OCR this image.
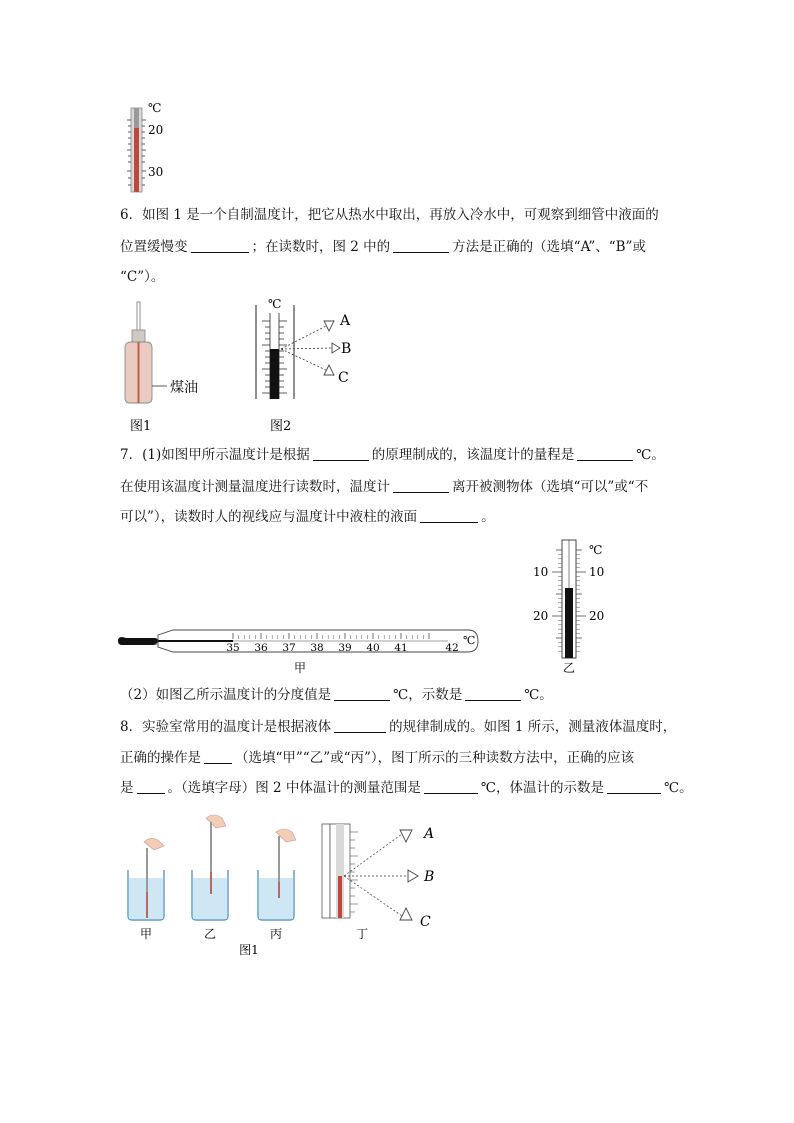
℃
20
30
6．如图 1 是一个自制温度计，把它从热水中取出，再放入冷水中，可观察到细管中液面的
位置缓慢变	；在读数时，图 2 中的	方法是正确的（选填“A”、“B”或
“C”）。
煤油
图1
℃
A
B
C
图2
7．(1)如图甲所示温度计是根据	的原理制成的，该温度计的量程是	℃。
在使用该温度计测量温度进行读数时，温度计	离开被测物体（选填“可以”或“不
可以”），读数时人的视线应与温度计中液柱的液面	。
35 36 37 38 39 40 41	42
℃
甲
℃
10	10
20	20
乙
（2）如图乙所示温度计的分度值是	℃，示数是	℃。
8．实验室常用的温度计是根据液体	的规律制成的。如图 1 所示，测量液体温度时，
正确的操作是	（选填“甲”“乙”或“丙”），图丁所示的三种读数方法中，正确的应该
是	。（选填字母）图 2 中体温计的测量范围是	℃，体温计的示数是	℃。
A
B
C
甲	乙	丙	丁
图1
